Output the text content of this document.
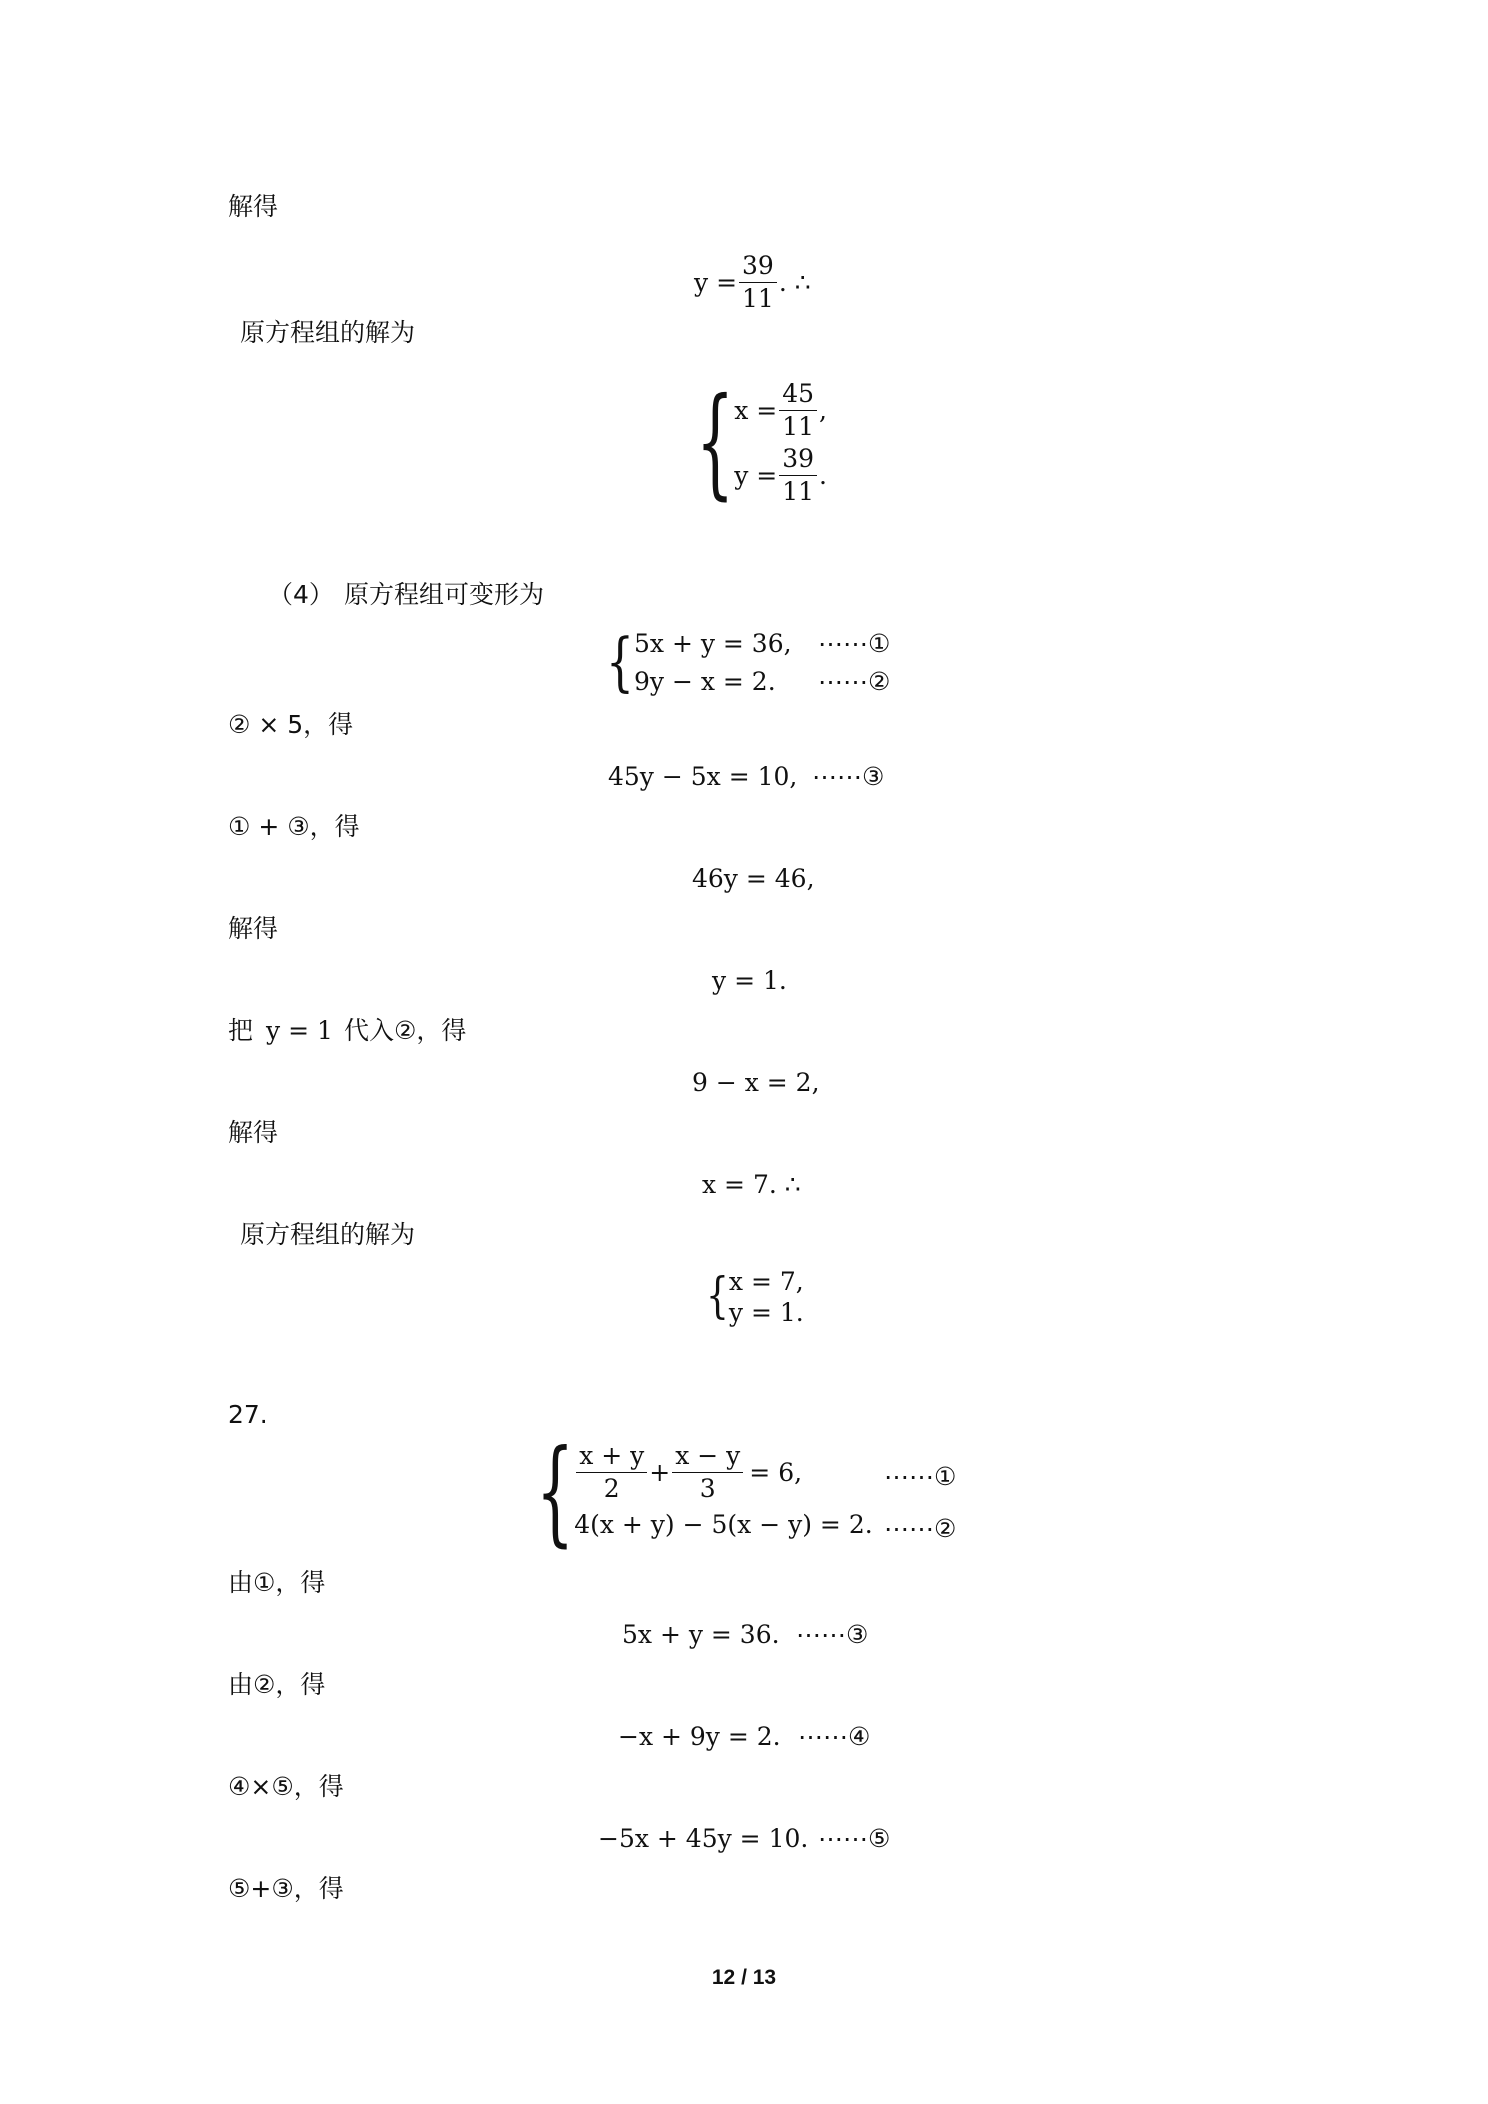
解得
$y = \frac{39}{11}$ . ∴
原方程组的解为
{ $x = \frac{45}{11}$ ,
$y = \frac{39}{11}$ .
（4） 原方程组可变形为
{ 5x + y = 36,
9y − x = 2.
⋯⋯①
⋯⋯②
② × 5，得
45y − 5x = 10, ⋯⋯③
① + ③，得
46y = 46,
解得
y = 1.
把 y = 1 代入②，得
9 − x = 2,
解得
x = 7. ∴
原方程组的解为
{ x = 7,
y = 1.
27.
{ $\frac{x + y}{2} + \frac{x - y}{3} = 6$,
4(x + y) − 5(x − y) = 2.
⋯⋯①
⋯⋯②
由①，得
5x + y = 36. ⋯⋯③
由②，得
−x + 9y = 2. ⋯⋯④
④×⑤，得
−5x + 45y = 10. ⋯⋯⑤
⑤+③，得
12 / 13
